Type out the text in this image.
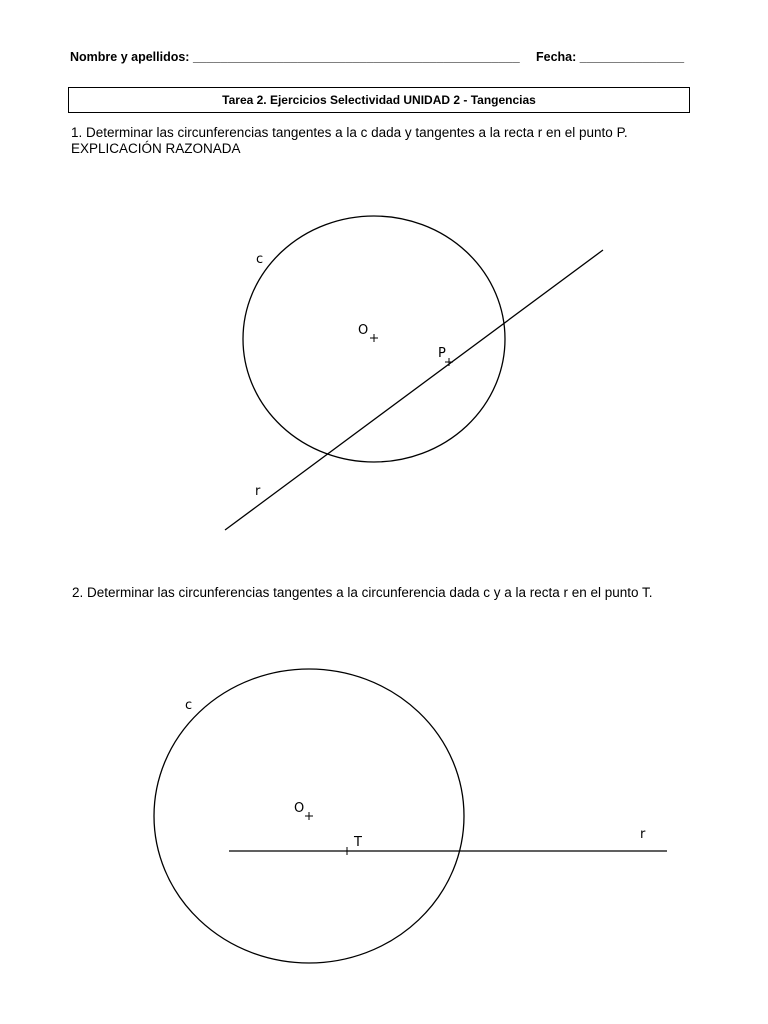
Nombre y apellidos: _______________________________________________ Fecha: _______________
Tarea 2. Ejercicios Selectividad UNIDAD 2 - Tangencias
1. Determinar las circunferencias tangentes a la c dada y tangentes a la recta r en el punto P.
EXPLICACIÓN RAZONADA
c
O
P
r
2. Determinar las circunferencias tangentes a la circunferencia dada c y a la recta r en el punto T.
c
O
T
r
